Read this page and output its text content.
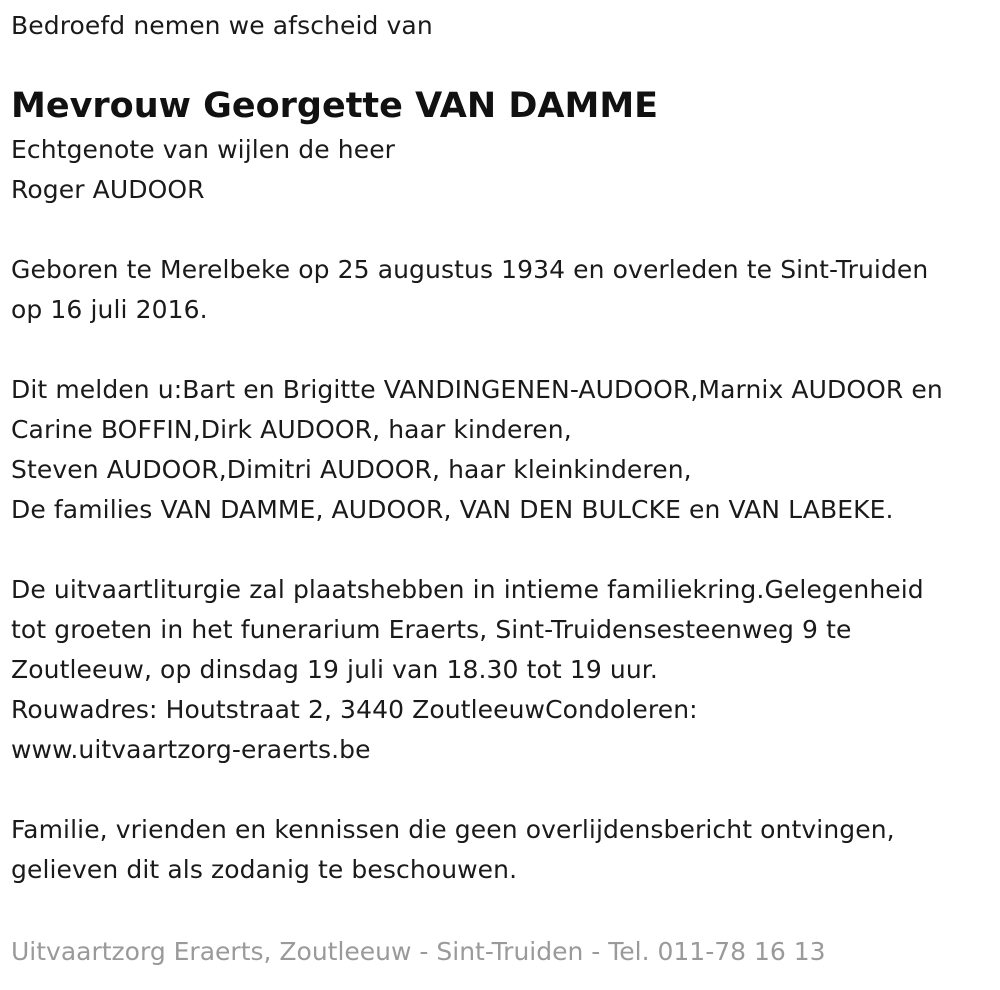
Bedroefd nemen we afscheid van
Mevrouw Georgette VAN DAMME
Echtgenote van wijlen de heer
Roger AUDOOR
Geboren te Merelbeke op 25 augustus 1934 en overleden te Sint-Truiden
op 16 juli 2016.
Dit melden u:Bart en Brigitte VANDINGENEN-AUDOOR,Marnix AUDOOR en
Carine BOFFIN,Dirk AUDOOR, haar kinderen,
Steven AUDOOR,Dimitri AUDOOR, haar kleinkinderen,
De families VAN DAMME, AUDOOR, VAN DEN BULCKE en VAN LABEKE.
De uitvaartliturgie zal plaatshebben in intieme familiekring.Gelegenheid
tot groeten in het funerarium Eraerts, Sint-Truidensesteenweg 9 te
Zoutleeuw, op dinsdag 19 juli van 18.30 tot 19 uur.
Rouwadres: Houtstraat 2, 3440 ZoutleeuwCondoleren:
www.uitvaartzorg-eraerts.be
Familie, vrienden en kennissen die geen overlijdensbericht ontvingen,
gelieven dit als zodanig te beschouwen.
Uitvaartzorg Eraerts, Zoutleeuw - Sint-Truiden - Tel. 011-78 16 13
